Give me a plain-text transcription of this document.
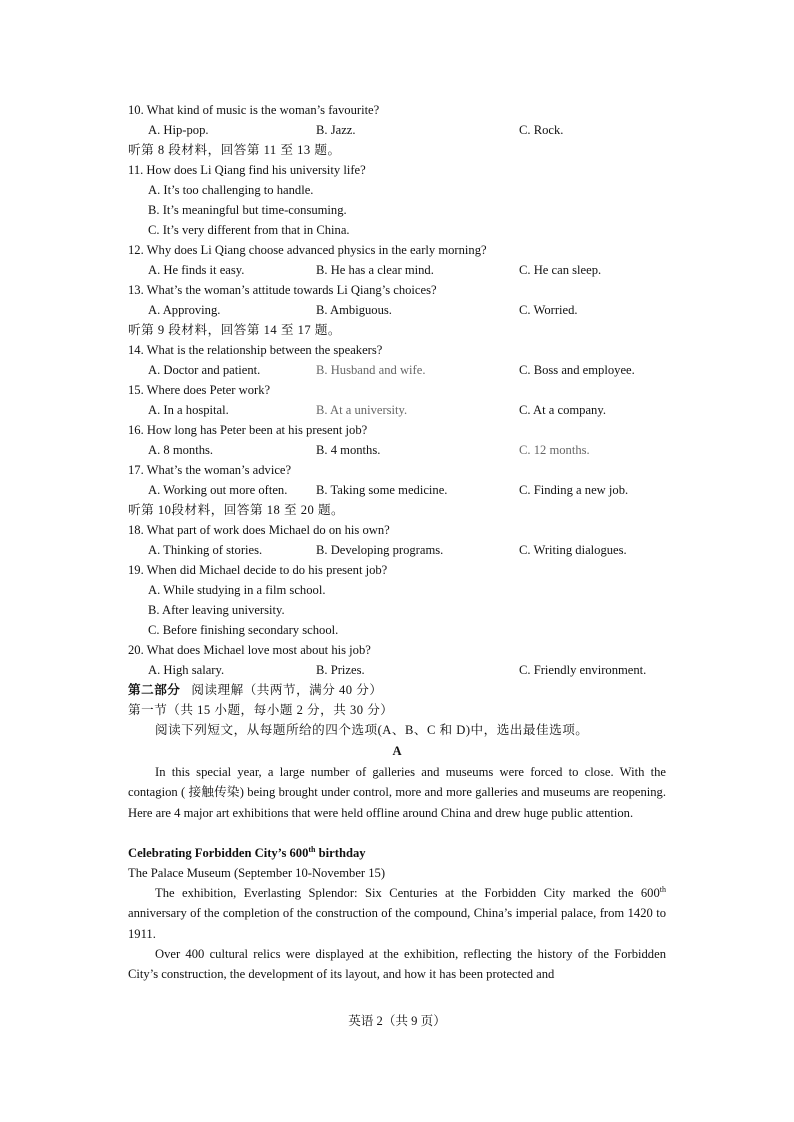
10. What kind of music is the woman’s favourite?
A. Hip-pop.	B. Jazz.	C. Rock.
听第 8 段材料，回答第 11 至 13 题。
11. How does Li Qiang find his university life?
A. It’s too challenging to handle.
B. It’s meaningful but time-consuming.
C. It’s very different from that in China.
12. Why does Li Qiang choose advanced physics in the early morning?
A. He finds it easy.	B. He has a clear mind.	C. He can sleep.
13. What’s the woman’s attitude towards Li Qiang’s choices?
A. Approving.	B. Ambiguous.	C. Worried.
听第 9 段材料，回答第 14 至 17 题。
14. What is the relationship between the speakers?
A. Doctor and patient.	B. Husband and wife.	C. Boss and employee.
15. Where does Peter work?
A. In a hospital.	B. At a university.	C. At a company.
16. How long has Peter been at his present job?
A. 8 months.	B. 4 months.	C. 12 months.
17. What’s the woman’s advice?
A. Working out more often. B. Taking some medicine.	C. Finding a new job.
听第 10段材料，回答第 18 至 20 题。
18. What part of work does Michael do on his own?
A. Thinking of stories.	B. Developing programs.	C. Writing dialogues.
19. When did Michael decide to do his present job?
A. While studying in a film school.
B. After leaving university.
C. Before finishing secondary school.
20. What does Michael love most about his job?
A. High salary.	B. Prizes.	C. Friendly environment.
第二部分 阅读理解（共两节，满分 40 分）
第一节（共 15 小题，每小题 2 分，共 30 分）
阅读下列短文，从每题所给的四个选项(A、B、C 和 D)中，选出最佳选项。
A
In this special year, a large number of galleries and museums were forced to close. With the contagion ( 接触传染) being brought under control, more and more galleries and museums are reopening. Here are 4 major art exhibitions that were held offline around China and drew huge public attention.
Celebrating Forbidden City’s 600th birthday
The Palace Museum (September 10-November 15)
The exhibition, Everlasting Splendor: Six Centuries at the Forbidden City marked the 600th anniversary of the completion of the construction of the compound, China’s imperial palace, from 1420 to 1911.
Over 400 cultural relics were displayed at the exhibition, reflecting the history of the Forbidden City’s construction, the development of its layout, and how it has been protected and
英语 2（共 9 页）
